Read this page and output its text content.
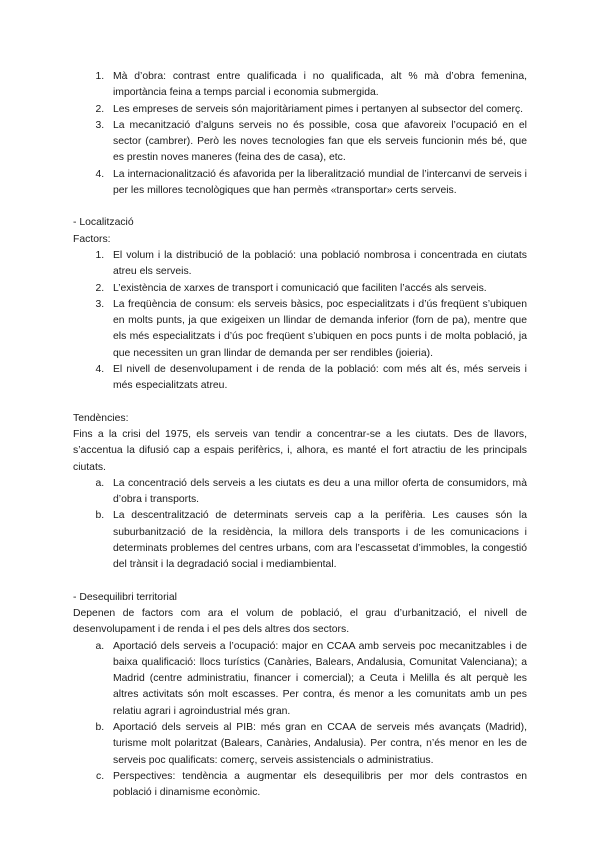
1. Mà d’obra: contrast entre qualificada i no qualificada, alt % mà d’obra femenina, importància feina a temps parcial i economia submergida.
2. Les empreses de serveis són majoritàriament pimes i pertanyen al subsector del comerç.
3. La mecanització d’alguns serveis no és possible, cosa que afavoreix l’ocupació en el sector (cambrer). Però les noves tecnologies fan que els serveis funcionin més bé, que es prestin noves maneres (feina des de casa), etc.
4. La internacionalització és afavorida per la liberalització mundial de l’intercanvi de serveis i per les millores tecnològiques que han permès «transportar» certs serveis.

- Localització

Factors:

1. El volum i la distribució de la població: una població nombrosa i concentrada en ciutats atreu els serveis.
2. L’existència de xarxes de transport i comunicació que faciliten l’accés als serveis.
3. La freqüència de consum: els serveis bàsics, poc especialitzats i d’ús freqüent s’ubiquen en molts punts, ja que exigeixen un llindar de demanda inferior (forn de pa), mentre que els més especialitzats i d’ús poc freqüent s’ubiquen en pocs punts i de molta població, ja que necessiten un gran llindar de demanda per ser rendibles (joieria).
4. El nivell de desenvolupament i de renda de la població: com més alt és, més serveis i més especialitzats atreu.

Tendències:

Fins a la crisi del 1975, els serveis van tendir a concentrar-se a les ciutats. Des de llavors, s’accentua la difusió cap a espais perifèrics, i, alhora, es manté el fort atractiu de les principals ciutats.

a. La concentració dels serveis a les ciutats es deu a una millor oferta de consumidors, mà d’obra i transports.
b. La descentralització de determinats serveis cap a la perifèria. Les causes són la suburbanització de la residència, la millora dels transports i de les comunicacions i determinats problemes del centres urbans, com ara l’escassetat d’immobles, la congestió del trànsit i la degradació social i mediambiental.

- Desequilibri territorial

Depenen de factors com ara el volum de població, el grau d’urbanització, el nivell de desenvolupament i de renda i el pes dels altres dos sectors.

a. Aportació dels serveis a l’ocupació: major en CCAA amb serveis poc mecanitzables i de baixa qualificació: llocs turístics (Canàries, Balears, Andalusia, Comunitat Valenciana); a Madrid (centre administratiu, financer i comercial); a Ceuta i Melilla és alt perquè les altres activitats són molt escasses. Per contra, és menor a les comunitats amb un pes relatiu agrari i agroindustrial més gran.
b. Aportació dels serveis al PIB: més gran en CCAA de serveis més avançats (Madrid), turisme molt polaritzat (Balears, Canàries, Andalusia). Per contra, n’és menor en les de serveis poc qualificats: comerç, serveis assistencials o administratius.
c. Perspectives: tendència a augmentar els desequilibris per mor dels contrastos en població i dinamisme econòmic.
